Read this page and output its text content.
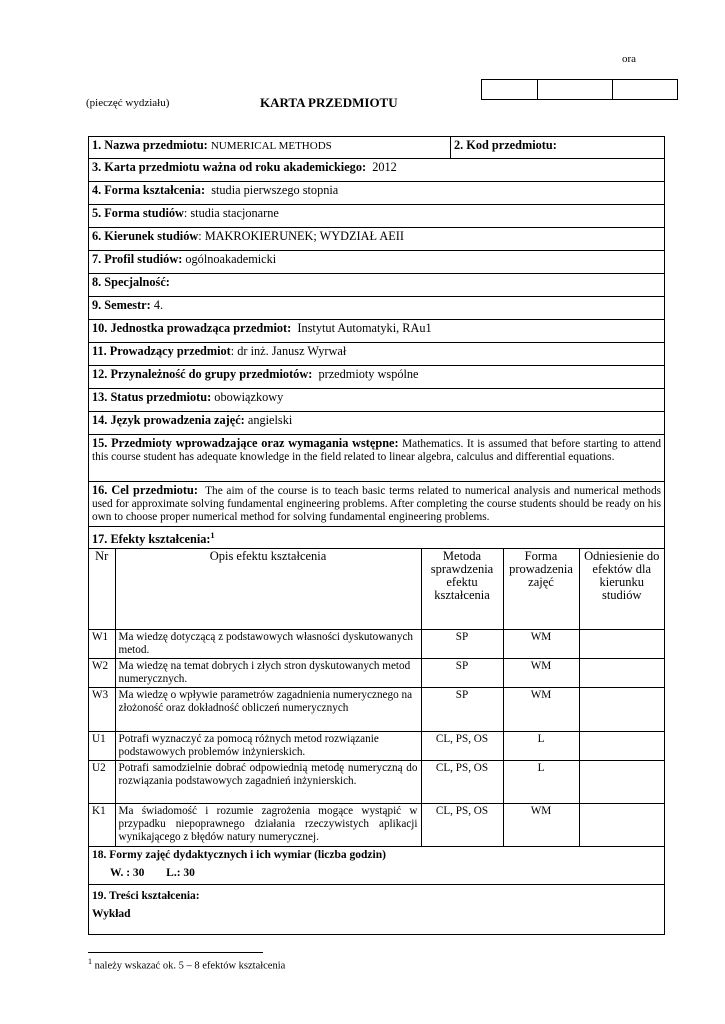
ora
(pieczęć wydziału)	KARTA PRZEDMIOTU
1. Nazwa przedmiotu: NUMERICAL METHODS	2. Kod przedmiotu:
3. Karta przedmiotu ważna od roku akademickiego: 2012
4. Forma kształcenia: studia pierwszego stopnia
5. Forma studiów: studia stacjonarne
6. Kierunek studiów: MAKROKIERUNEK; WYDZIAŁ AEII
7. Profil studiów: ogólnoakademicki
8. Specjalność:
9. Semestr: 4.
10. Jednostka prowadząca przedmiot: Instytut Automatyki, RAu1
11. Prowadzący przedmiot: dr inż. Janusz Wyrwał
12. Przynależność do grupy przedmiotów: przedmioty wspólne
13. Status przedmiotu: obowiązkowy
14. Język prowadzenia zajęć: angielski
15. Przedmioty wprowadzające oraz wymagania wstępne: Mathematics. It is assumed that before starting to attend this course student has adequate knowledge in the field related to linear algebra, calculus and differential equations.
16. Cel przedmiotu: The aim of the course is to teach basic terms related to numerical analysis and numerical methods used for approximate solving fundamental engineering problems. After completing the course students should be ready on his own to choose proper numerical method for solving fundamental engineering problems.
17. Efekty kształcenia:$^1$

Nr	Opis efektu kształcenia	Metoda sprawdzenia efektu kształcenia	Forma prowadzenia zajęć	Odniesienie do efektów dla kierunku studiów
W1	Ma wiedzę dotyczącą z podstawowych własności dyskutowanych metod.	SP	WM	
W2	Ma wiedzę na temat dobrych i złych stron dyskutowanych metod numerycznych.	SP	WM	
W3	Ma wiedzę o wpływie parametrów zagadnienia numerycznego na złożoność oraz dokładność obliczeń numerycznych	SP	WM	
U1	Potrafi wyznaczyć za pomocą różnych metod rozwiązanie podstawowych problemów inżynierskich.	CL, PS, OS	L	
U2	Potrafi samodzielnie dobrać odpowiednią metodę numeryczną do rozwiązania podstawowych zagadnień inżynierskich.	CL, PS, OS	L	
K1	Ma świadomość i rozumie zagrożenia mogące wystąpić w przypadku niepoprawnego działania rzeczywistych aplikacji wynikającego z błędów natury numerycznej.	CL, PS, OS	WM	

18. Formy zajęć dydaktycznych i ich wymiar (liczba godzin)
W. : 30 L.: 30

19. Treści kształcenia:
Wykład
$^1$ należy wskazać ok. 5 – 8 efektów kształcenia
